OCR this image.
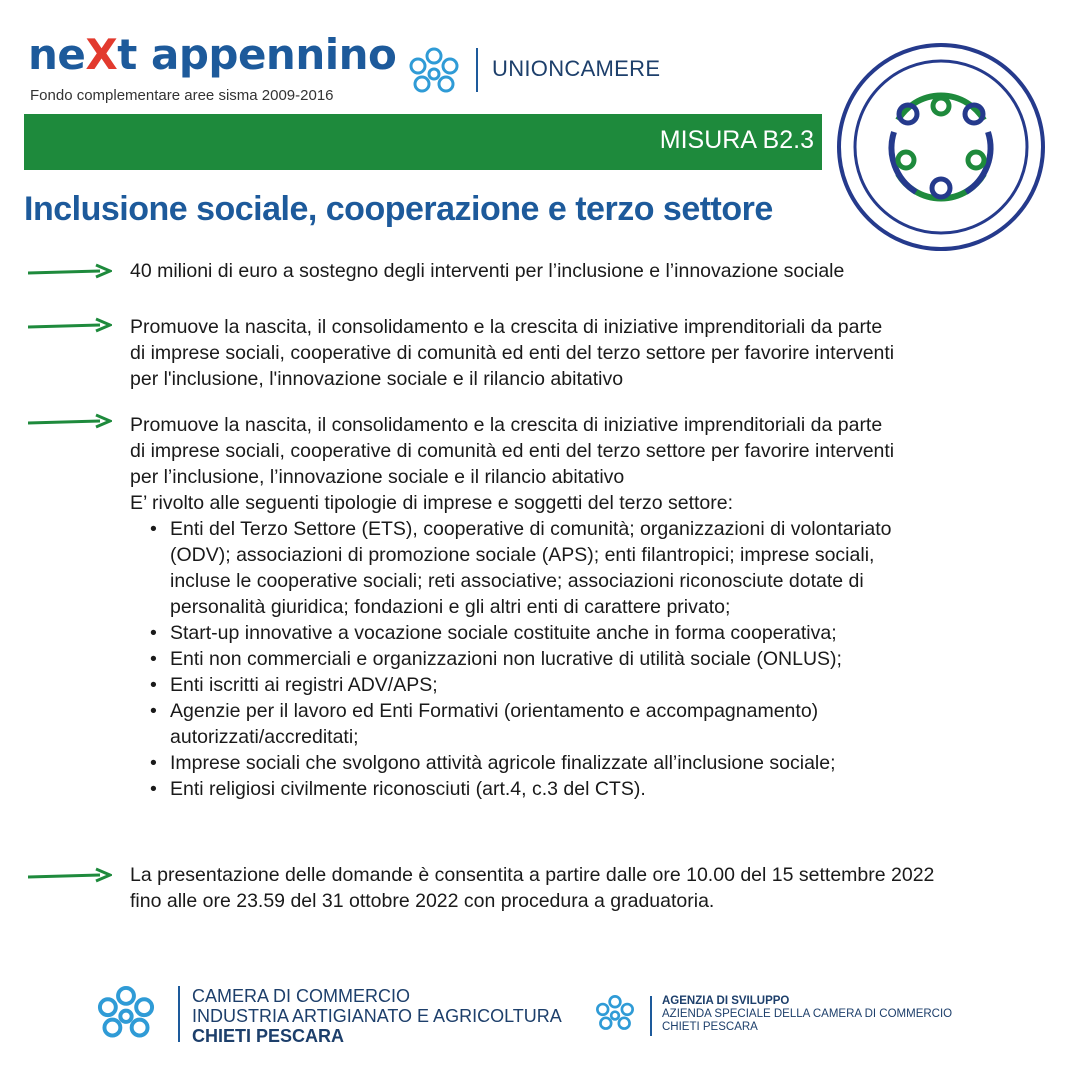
neXt appennino
Fondo complementare aree sisma 2009-2016
UNIONCAMERE
MISURA B2.3
Inclusione sociale, cooperazione e terzo settore
40 milioni di euro a sostegno degli interventi per l’inclusione e l’innovazione sociale
Promuove la nascita, il consolidamento e la crescita di iniziative imprenditoriali da parte
di imprese sociali, cooperative di comunità ed enti del terzo settore per favorire interventi
per l'inclusione, l'innovazione sociale e il rilancio abitativo
Promuove la nascita, il consolidamento e la crescita di iniziative imprenditoriali da parte
di imprese sociali, cooperative di comunità ed enti del terzo settore per favorire interventi
per l’inclusione, l’innovazione sociale e il rilancio abitativo
E’ rivolto alle seguenti tipologie di imprese e soggetti del terzo settore:
• Enti del Terzo Settore (ETS), cooperative di comunità; organizzazioni di volontariato
(ODV); associazioni di promozione sociale (APS); enti filantropici; imprese sociali,
incluse le cooperative sociali; reti associative; associazioni riconosciute dotate di
personalità giuridica; fondazioni e gli altri enti di carattere privato;
• Start-up innovative a vocazione sociale costituite anche in forma cooperativa;
• Enti non commerciali e organizzazioni non lucrative di utilità sociale (ONLUS);
• Enti iscritti ai registri ADV/APS;
• Agenzie per il lavoro ed Enti Formativi (orientamento e accompagnamento)
autorizzati/accreditati;
• Imprese sociali che svolgono attività agricole finalizzate all’inclusione sociale;
• Enti religiosi civilmente riconosciuti (art.4, c.3 del CTS).
La presentazione delle domande è consentita a partire dalle ore 10.00 del 15 settembre 2022
fino alle ore 23.59 del 31 ottobre 2022 con procedura a graduatoria.
CAMERA DI COMMERCIO
INDUSTRIA ARTIGIANATO E AGRICOLTURA
CHIETI PESCARA
AGENZIA DI SVILUPPO
AZIENDA SPECIALE DELLA CAMERA DI COMMERCIO
CHIETI PESCARA
